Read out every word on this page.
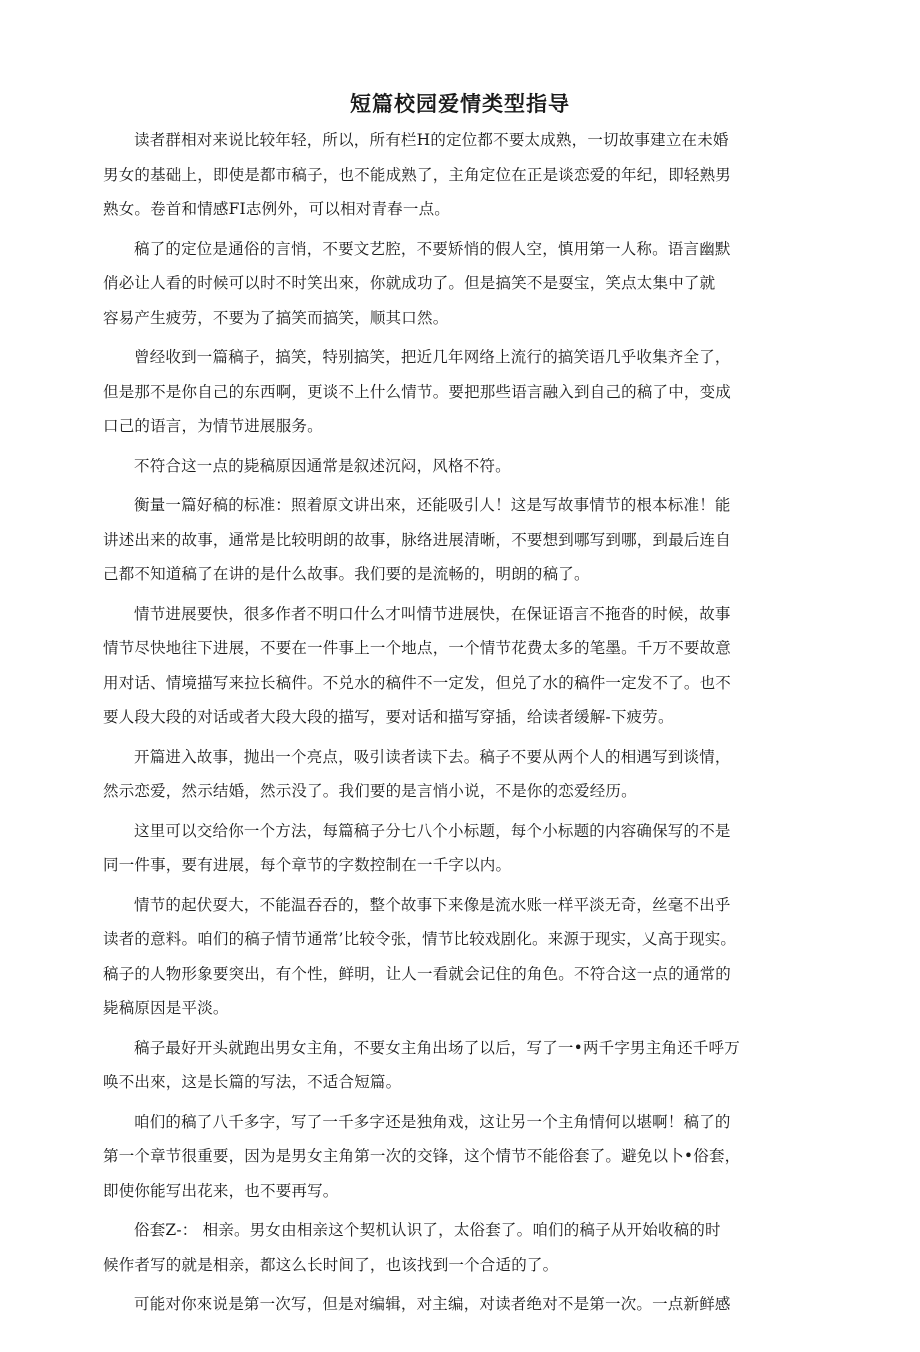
短篇校园爱情类型指导

读者群相对来说比较年轻，所以，所有栏H的定位都不要太成熟，一切故事建立在未婚
男女的基础上，即使是都市稿子，也不能成熟了，主角定位在正是谈恋爱的年纪，即轻熟男
熟女。卷首和情感FI志例外，可以相对青春一点。

稿了的定位是通俗的言悄，不要文艺腔，不要矫悄的假人空，慎用第一人称。语言幽默
俏必让人看的时候可以时不时笑出來，你就成功了。但是搞笑不是耍宝，笑点太集中了就
容易产生疲劳，不要为了搞笑而搞笑，顺其口然。

曾经收到一篇稿子，搞笑，特别搞笑，把近几年网络上流行的搞笑语几乎收集齐全了，
但是那不是你自己的东西啊，更谈不上什么情节。要把那些语言融入到自己的稿了中，变成
口己的语言，为情节进展服务。

不符合这一点的毙稿原因通常是叙述沉闷，风格不符。

衡量一篇好稿的标准：照着原文讲出來，还能吸引人！这是写故事情节的根本标准！能
讲述出来的故事，通常是比较明朗的故事，脉络进展清晰，不要想到哪写到哪，到最后连自
己都不知道稿了在讲的是什么故事。我们要的是流畅的，明朗的稿了。

情节进展要快，很多作者不明口什么才叫情节进展快，在保证语言不拖沓的时候，故事
情节尽快地往下进展，不要在一件事上一个地点，一个情节花费太多的笔墨。千万不要故意
用对话、情境描写来拉长稿件。不兑水的稿件不一定发，但兑了水的稿件一定发不了。也不
要人段大段的对话或者大段大段的描写，要对话和描写穿插，给读者缓解-下疲劳。

开篇进入故事，抛出一个亮点，吸引读者读下去。稿子不要从两个人的相遇写到谈情，
然示恋爱，然示结婚，然示没了。我们要的是言悄小说，不是你的恋爱经历。

这里可以交给你一个方法，每篇稿子分七八个小标题，每个小标题的内容确保写的不是
同一件事，要有进展，每个章节的字数控制在一千字以内。

情节的起伏耍大，不能温吞吞的，整个故事下来像是流水账一样平淡无奇，丝毫不出乎
读者的意料。咱们的稿子情节通常’比较令张，情节比较戏剧化。来源于现实，乂高于现实。
稿子的人物形象要突出，有个性，鲜明，让人一看就会记住的角色。不符合这一点的通常的
毙稿原因是平淡。

稿子最好开头就跑出男女主角，不要女主角出场了以后，写了一•两千字男主角还千呼万
唤不出來，这是长篇的写法，不适合短篇。

咱们的稿了八千多字，写了一千多字还是独角戏，这让另一个主角情何以堪啊！稿了的
第一个章节很重要，因为是男女主角第一次的交锋，这个情节不能俗套了。避免以卜•俗套，
即使你能写出花来，也不要再写。

俗套Z-： 相亲。男女由相亲这个契机认识了，太俗套了。咱们的稿子从开始收稿的时
候作者写的就是相亲，都这么长时间了，也该找到一个合适的了。

可能对你來说是第一次写，但是对编辑，对主编，对读者绝对不是第一次。一点新鲜感
